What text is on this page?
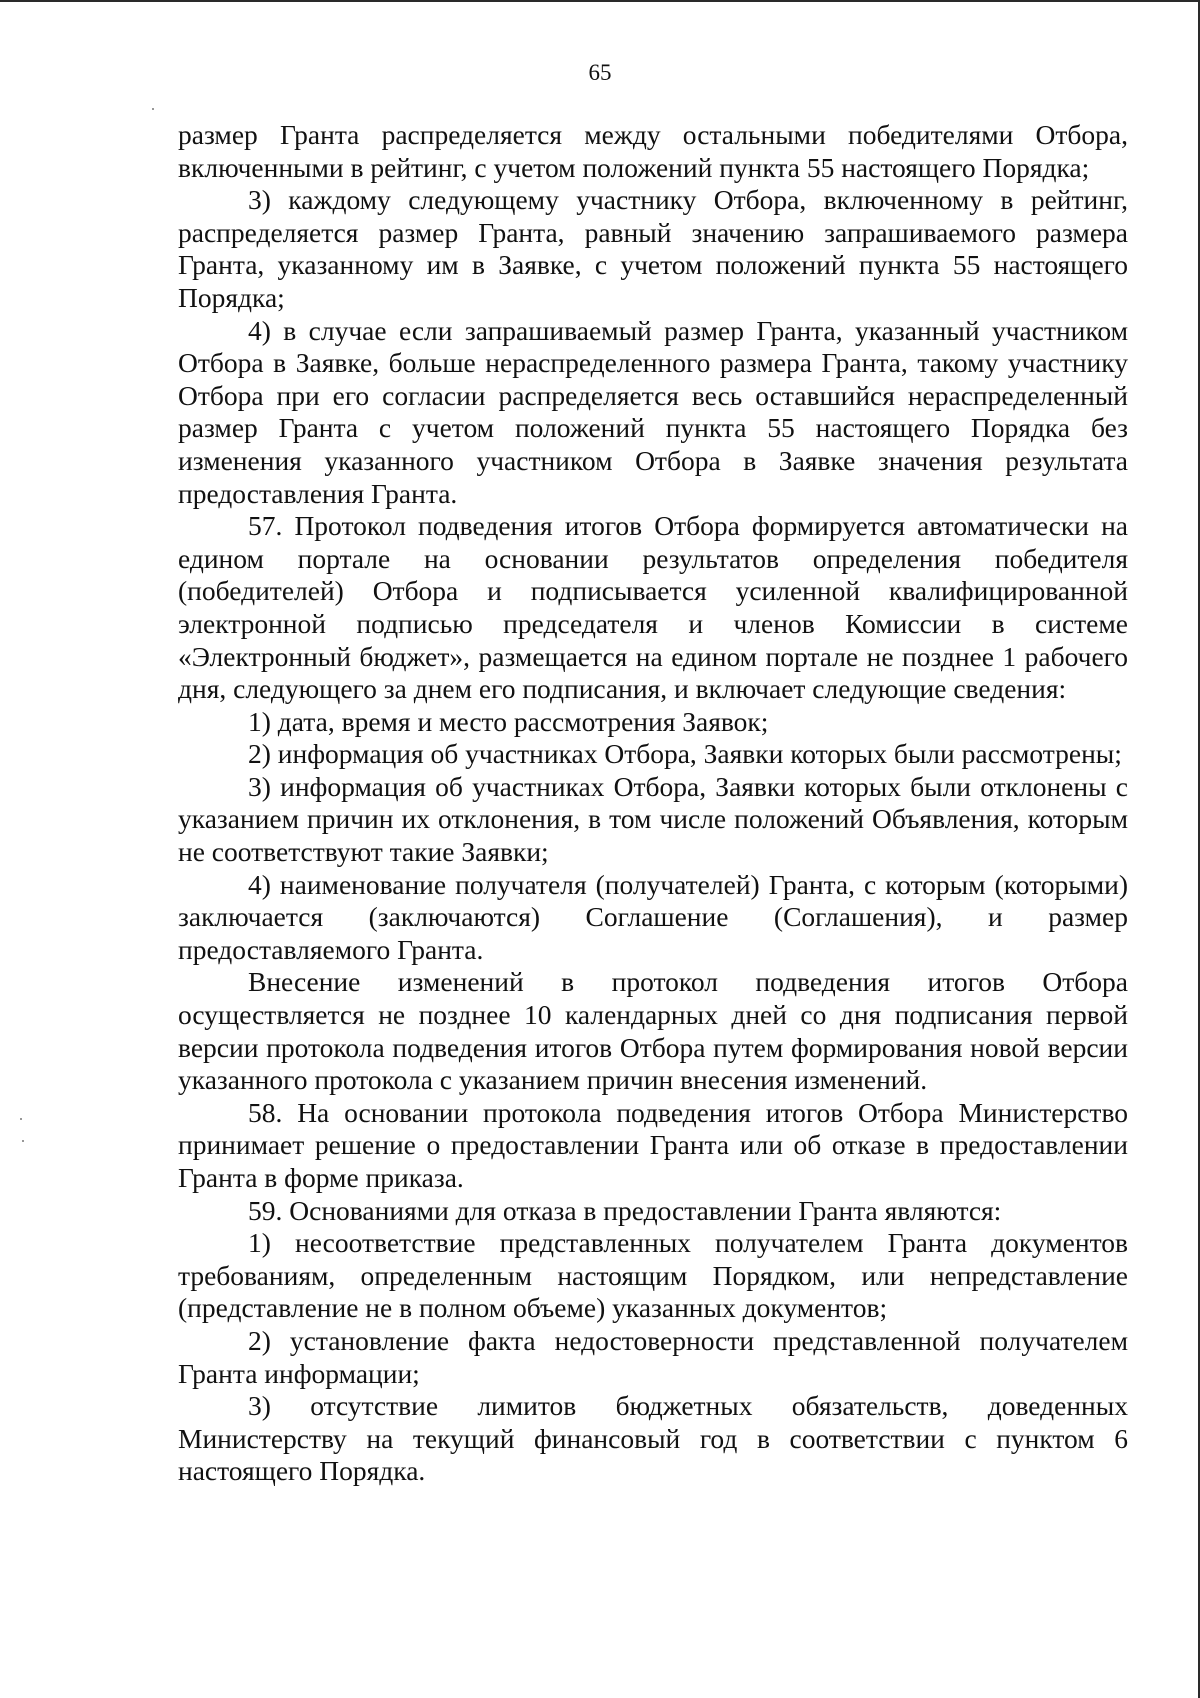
65

размер Гранта распределяется между остальными победителями Отбора, включенными в рейтинг, с учетом положений пункта 55 настоящего Порядка;

3) каждому следующему участнику Отбора, включенному в рейтинг, распределяется размер Гранта, равный значению запрашиваемого размера Гранта, указанному им в Заявке, с учетом положений пункта 55 настоящего Порядка;

4) в случае если запрашиваемый размер Гранта, указанный участником Отбора в Заявке, больше нераспределенного размера Гранта, такому участнику Отбора при его согласии распределяется весь оставшийся нераспределенный размер Гранта с учетом положений пункта 55 настоящего Порядка без изменения указанного участником Отбора в Заявке значения результата предоставления Гранта.

57. Протокол подведения итогов Отбора формируется автоматически на едином портале на основании результатов определения победителя (победителей) Отбора и подписывается усиленной квалифицированной электронной подписью председателя и членов Комиссии в системе «Электронный бюджет», размещается на едином портале не позднее 1 рабочего дня, следующего за днем его подписания, и включает следующие сведения:

1) дата, время и место рассмотрения Заявок;

2) информация об участниках Отбора, Заявки которых были рассмотрены;

3) информация об участниках Отбора, Заявки которых были отклонены с указанием причин их отклонения, в том числе положений Объявления, которым не соответствуют такие Заявки;

4) наименование получателя (получателей) Гранта, с которым (которыми) заключается (заключаются) Соглашение (Соглашения), и размер предоставляемого Гранта.

Внесение изменений в протокол подведения итогов Отбора осуществляется не позднее 10 календарных дней со дня подписания первой версии протокола подведения итогов Отбора путем формирования новой версии указанного протокола с указанием причин внесения изменений.

58. На основании протокола подведения итогов Отбора Министерство принимает решение о предоставлении Гранта или об отказе в предоставлении Гранта в форме приказа.

59. Основаниями для отказа в предоставлении Гранта являются:

1) несоответствие представленных получателем Гранта документов требованиям, определенным настоящим Порядком, или непредставление (представление не в полном объеме) указанных документов;

2) установление факта недостоверности представленной получателем Гранта информации;

3) отсутствие лимитов бюджетных обязательств, доведенных Министерству на текущий финансовый год в соответствии с пунктом 6 настоящего Порядка.
